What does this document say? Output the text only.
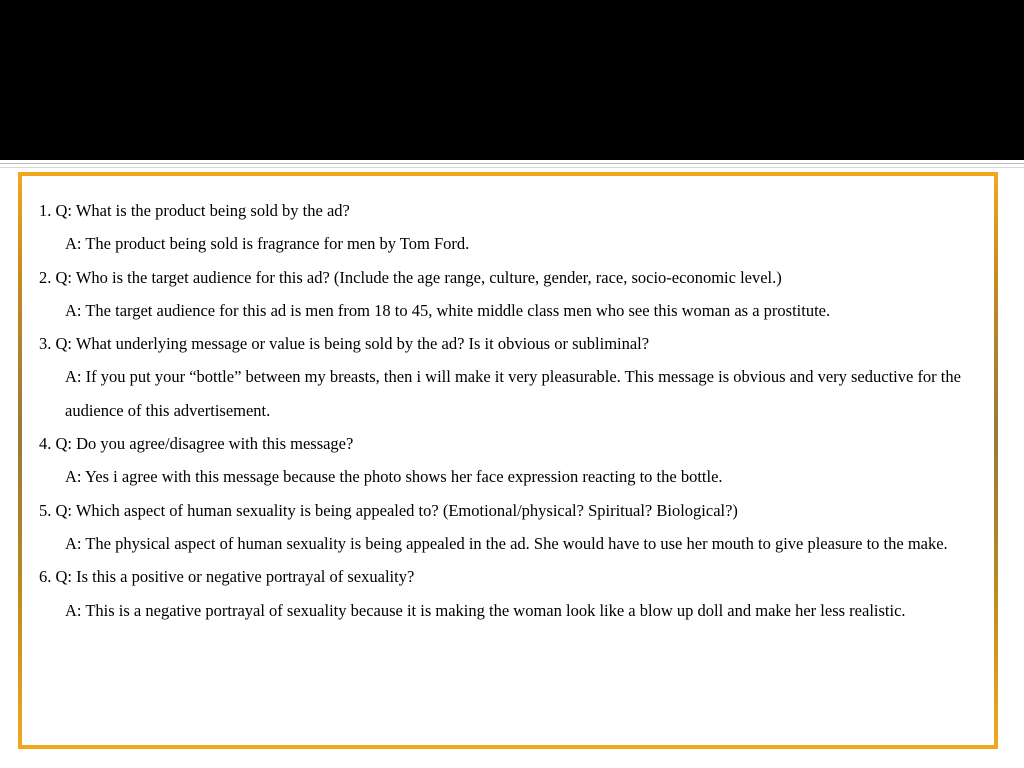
1. Q: What is the product being sold by the ad?
A: The product being sold is fragrance for men by Tom Ford.
2. Q: Who is the target audience for this ad? (Include the age range, culture, gender, race, socio-economic level.)
A: The target audience for this ad is men from 18 to 45, white middle class men who see this woman as a prostitute.
3. Q: What underlying message or value is being sold by the ad? Is it obvious or subliminal?
A: If you put your “bottle” between my breasts, then i will make it very pleasurable. This message is obvious and very seductive for the audience of this advertisement.
4. Q: Do you agree/disagree with this message?
A: Yes i agree with this message because the photo shows her face expression reacting to the bottle.
5. Q: Which aspect of human sexuality is being appealed to? (Emotional/physical? Spiritual? Biological?)
A: The physical aspect of human sexuality is being appealed in the ad. She would have to use her mouth to give pleasure to the make.
6. Q: Is this a positive or negative portrayal of sexuality?
A: This is a negative portrayal of sexuality because it is making the woman look like a blow up doll and make her less realistic.
